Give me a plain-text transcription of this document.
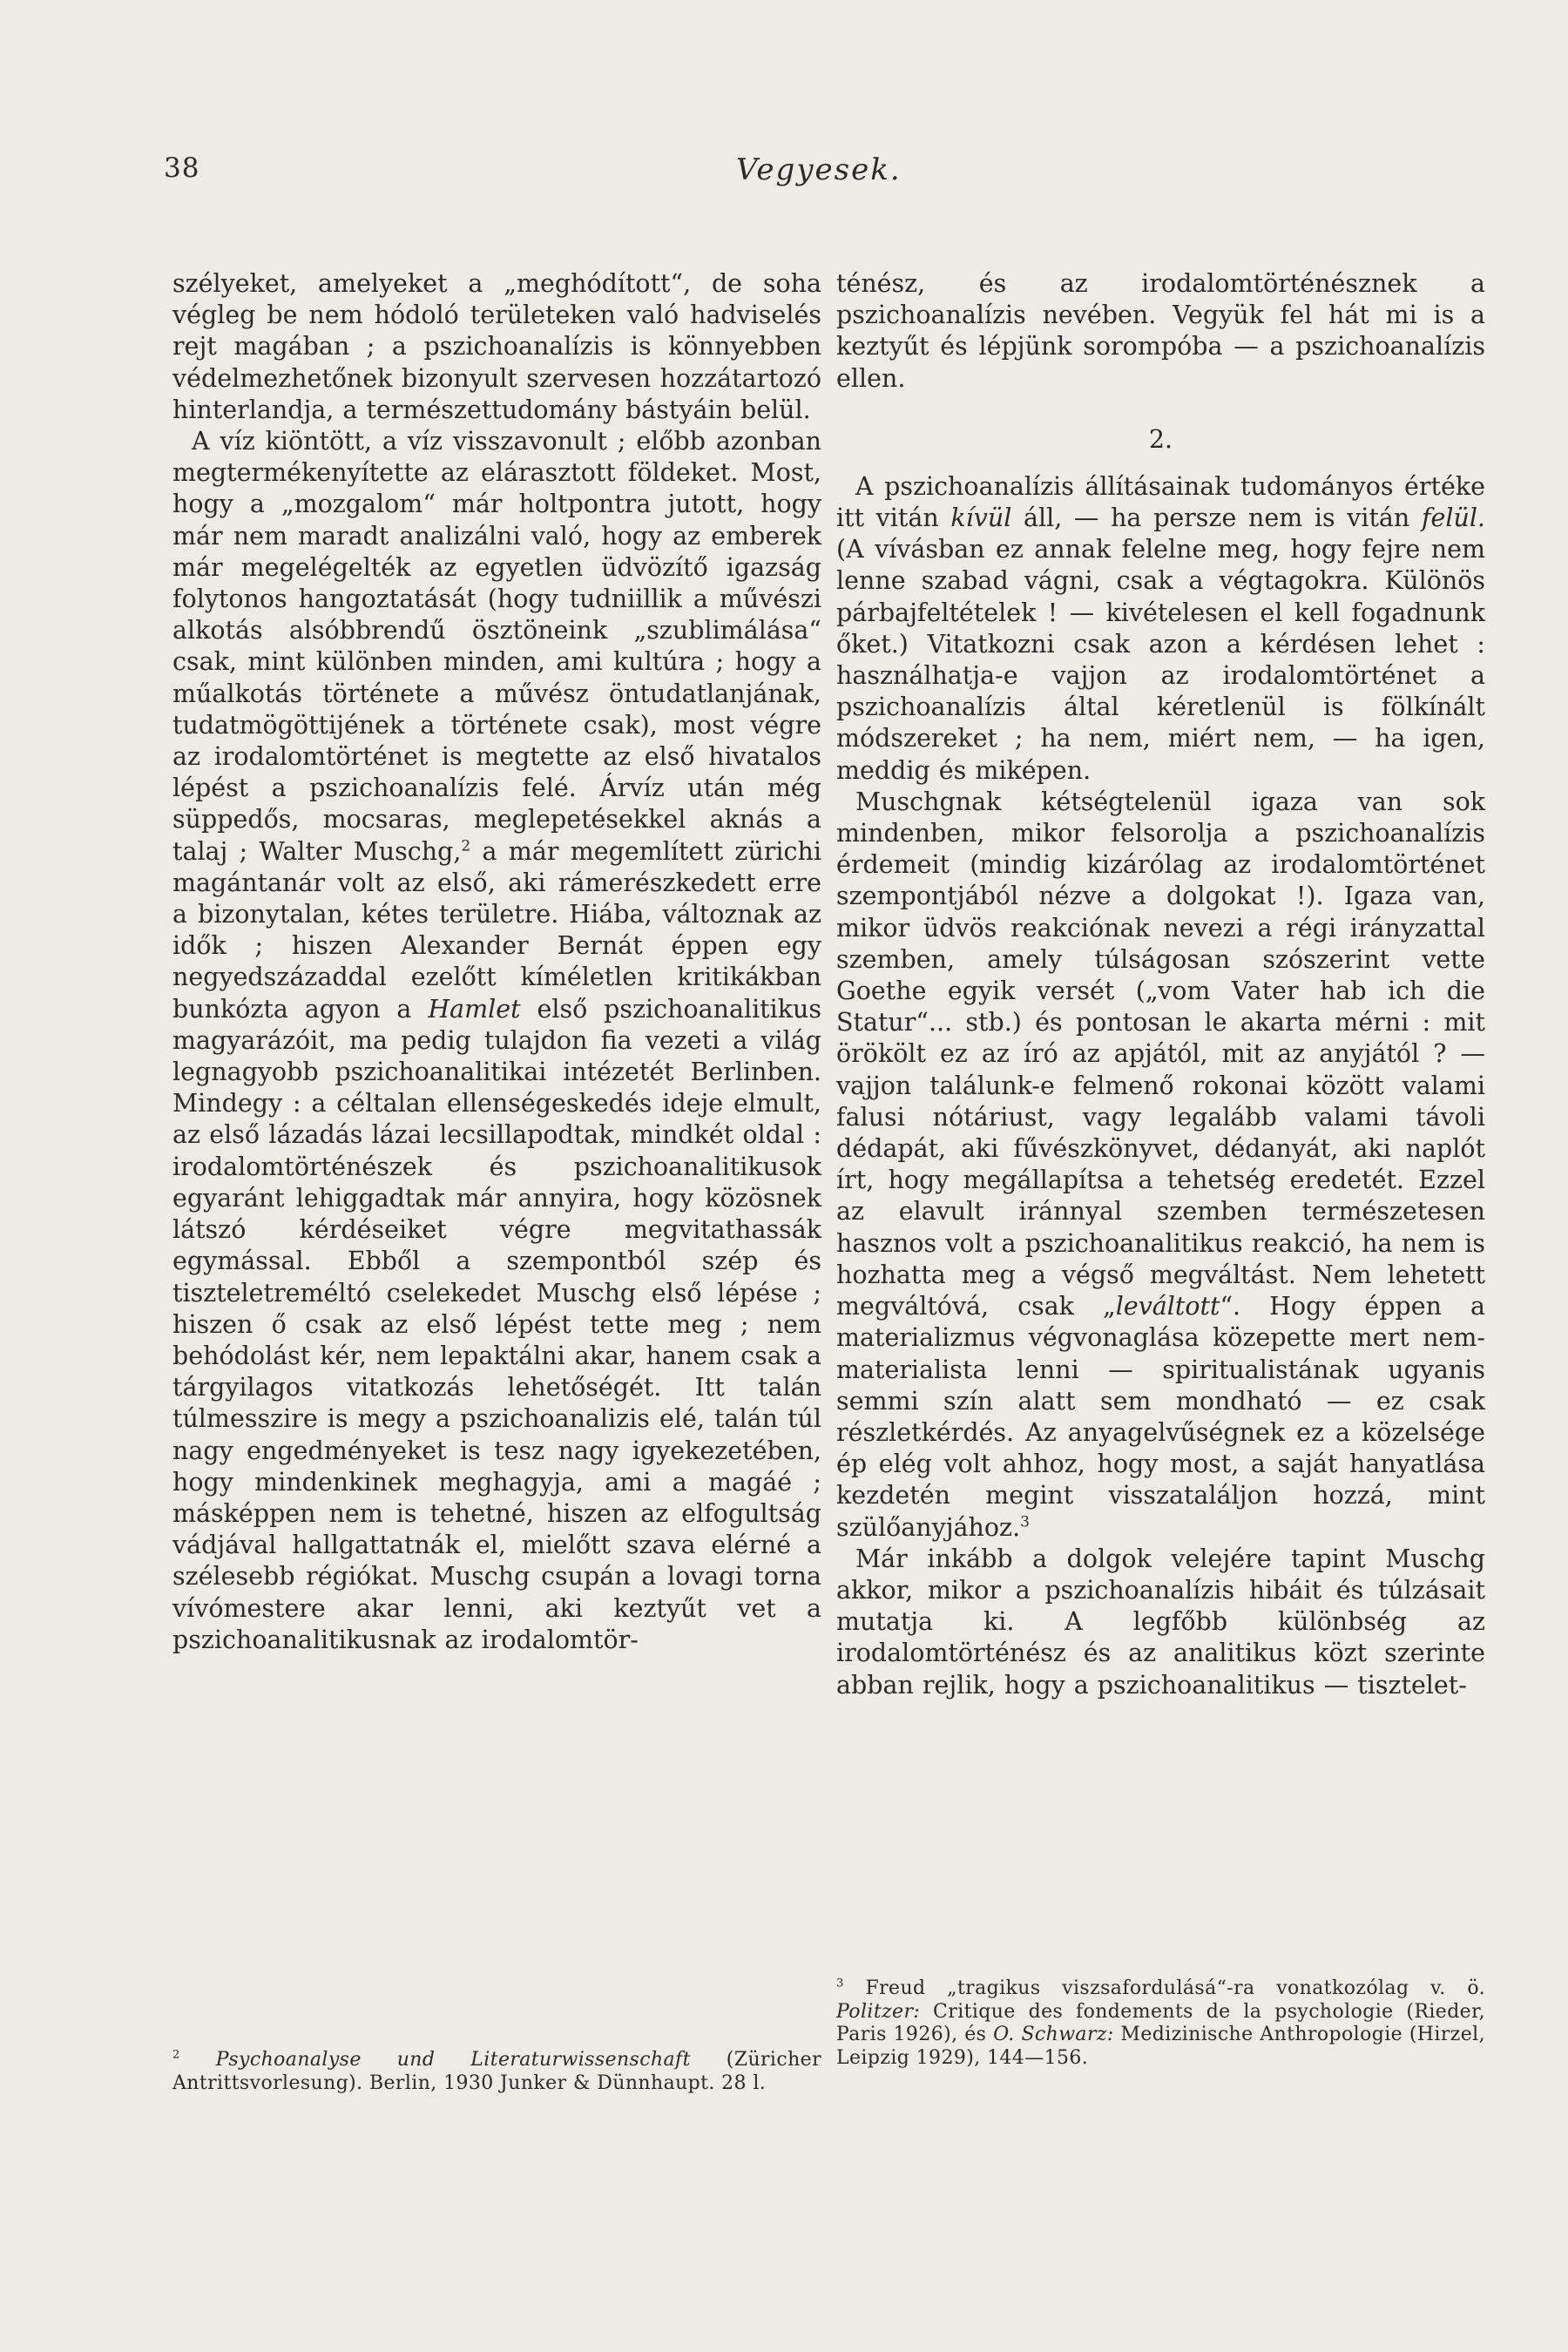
38	Vegyesek.

szélyeket, amelyeket a „meghódított“, de soha végleg be nem hódoló területeken való hadviselés rejt magában ; a pszichoanalízis is könnyebben védelmezhetőnek bizonyult szervesen hozzátartozó hinterlandja, a természettudomány bástyáin belül.

A víz kiöntött, a víz visszavonult ; előbb azonban megtermékenyítette az elárasztott földeket. Most, hogy a „mozgalom“ már holtpontra jutott, hogy már nem maradt analizálni való, hogy az emberek már megelégelték az egyetlen üdvözítő igazság folytonos hangoztatását (hogy tudniillik a művészi alkotás alsóbbrendű ösztöneink „szublimálása“ csak, mint különben minden, ami kultúra ; hogy a műalkotás története a művész öntudatlanjának, tudatmögöttijének a története csak), most végre az irodalomtörténet is megtette az első hivatalos lépést a pszichoanalízis felé. Árvíz után még süppedős, mocsaras, meglepetésekkel aknás a talaj ; Walter Muschg,$^2$ a már megemlített zürichi magántanár volt az első, aki rámerészkedett erre a bizonytalan, kétes területre. Hiába, változnak az idők ; hiszen Alexander Bernát éppen egy negyedszázaddal ezelőtt kíméletlen kritikákban bunkózta agyon a Hamlet első pszichoanalitikus magyarázóit, ma pedig tulajdon fia vezeti a világ legnagyobb pszichoanalitikai intézetét Berlinben. Mindegy : a céltalan ellenségeskedés ideje elmult, az első lázadás lázai lecsillapodtak, mindkét oldal : irodalomtörténészek és pszichoanalitikusok egyaránt lehiggadtak már annyira, hogy közösnek látszó kérdéseiket végre megvitathassák egymással. Ebből a szempontból szép és tiszteletreméltó cselekedet Muschg első lépése ; hiszen ő csak az első lépést tette meg ; nem behódolást kér, nem lepaktálni akar, hanem csak a tárgyilagos vitatkozás lehetőségét. Itt talán túlmesszire is megy a pszichoanalizis elé, talán túl nagy engedményeket is tesz nagy igyekezetében, hogy mindenkinek meghagyja, ami a magáé ; másképpen nem is tehetné, hiszen az elfogultság vádjával hallgattatnák el, mielőtt szava elérné a szélesebb régiókat. Muschg csupán a lovagi torna vívómestere akar lenni, aki keztyűt vet a pszichoanalitikusnak az irodalomtör-

ténész, és az irodalomtörténésznek a pszichoanalízis nevében. Vegyük fel hát mi is a keztyűt és lépjünk sorompóba — a pszichoanalízis ellen.

2.

A pszichoanalízis állításainak tudományos értéke itt vitán kívül áll, — ha persze nem is vitán felül. (A vívásban ez annak felelne meg, hogy fejre nem lenne szabad vágni, csak a végtagokra. Különös párbajfeltételek ! — kivételesen el kell fogadnunk őket.) Vitatkozni csak azon a kérdésen lehet : használhatja-e vajjon az irodalomtörténet a pszichoanalízis által kéretlenül is fölkínált módszereket ; ha nem, miért nem, — ha igen, meddig és miképen.

Muschgnak kétségtelenül igaza van sok mindenben, mikor felsorolja a pszichoanalízis érdemeit (mindig kizárólag az irodalomtörténet szempontjából nézve a dolgokat !). Igaza van, mikor üdvös reakciónak nevezi a régi irányzattal szemben, amely túlságosan szószerint vette Goethe egyik versét („vom Vater hab ich die Statur“... stb.) és pontosan le akarta mérni : mit örökölt ez az író az apjától, mit az anyjától ? — vajjon találunk-e felmenő rokonai között valami falusi nótáriust, vagy legalább valami távoli dédapát, aki fűvészkönyvet, dédanyát, aki naplót írt, hogy megállapítsa a tehetség eredetét. Ezzel az elavult iránnyal szemben természetesen hasznos volt a pszichoanalitikus reakció, ha nem is hozhatta meg a végső megváltást. Nem lehetett megváltóvá, csak „leváltott“. Hogy éppen a materializmus végvonaglása közepette mert nem-materialista lenni — spiritualistának ugyanis semmi szín alatt sem mondható — ez csak részletkérdés. Az anyagelvűségnek ez a közelsége ép elég volt ahhoz, hogy most, a saját hanyatlása kezdetén megint visszataláljon hozzá, mint szülőanyjához.$^3$

Már inkább a dolgok velejére tapint Muschg akkor, mikor a pszichoanalízis hibáit és túlzásait mutatja ki. A legfőbb különbség az irodalomtörténész és az analitikus közt szerinte abban rejlik, hogy a pszichoanalitikus — tisztelet-

$^2$ Psychoanalyse und Literaturwissenschaft (Züricher Antrittsvorlesung). Berlin, 1930 Junker & Dünnhaupt. 28 l.
$^3$ Freud „tragikus viszsafordulásá“-ra vonatkozólag v. ö. Politzer: Critique des fondements de la psychologie (Rieder, Paris 1926), és O. Schwarz: Medizinische Anthropologie (Hirzel, Leipzig 1929), 144—156.
